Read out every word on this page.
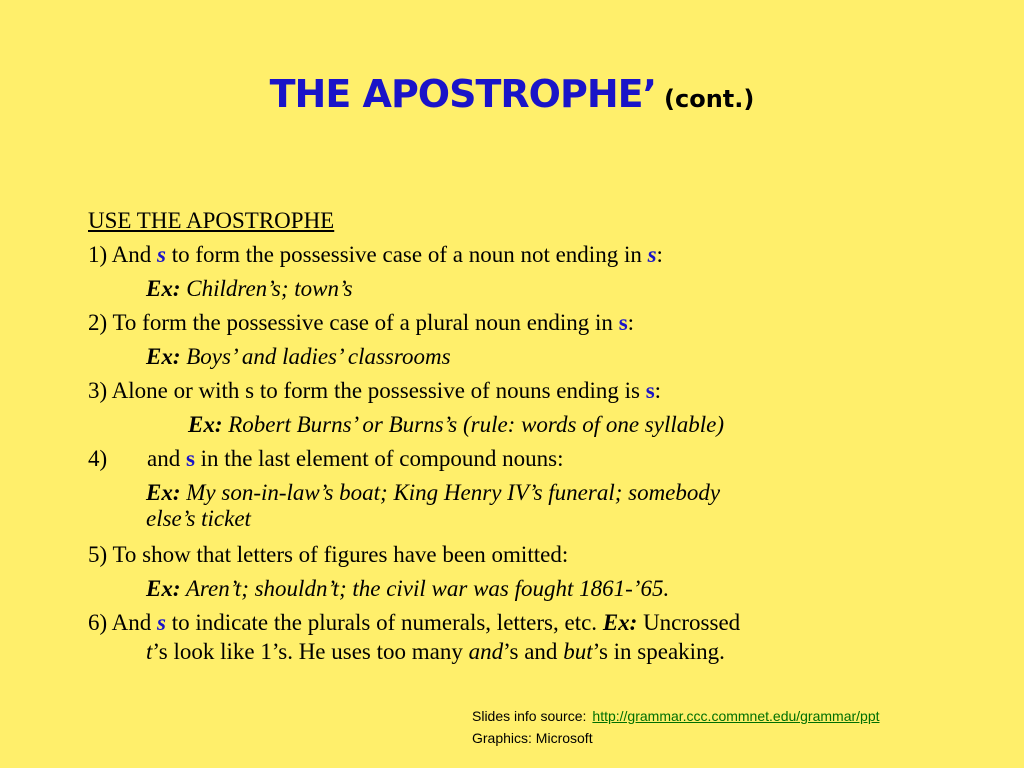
THE APOSTROPHE’ (cont.)
USE THE APOSTROPHE
1) And s to form the possessive case of a noun not ending in s:
Ex: Children’s; town’s
2) To form the possessive case of a plural noun ending in s:
Ex: Boys’ and ladies’ classrooms
3) Alone or with s to form the possessive of nouns ending is s:
Ex: Robert Burns’ or Burns’s (rule: words of one syllable)
4) and s in the last element of compound nouns:
Ex: My son-in-law’s boat; King Henry IV’s funeral; somebody
else’s ticket
5) To show that letters of figures have been omitted:
Ex: Aren’t; shouldn’t; the civil war was fought 1861-’65.
6) And s to indicate the plurals of numerals, letters, etc. Ex: Uncrossed
t’s look like 1’s. He uses too many and’s and but’s in speaking.
Slides info source: http://grammar.ccc.commnet.edu/grammar/ppt
Graphics: Microsoft
